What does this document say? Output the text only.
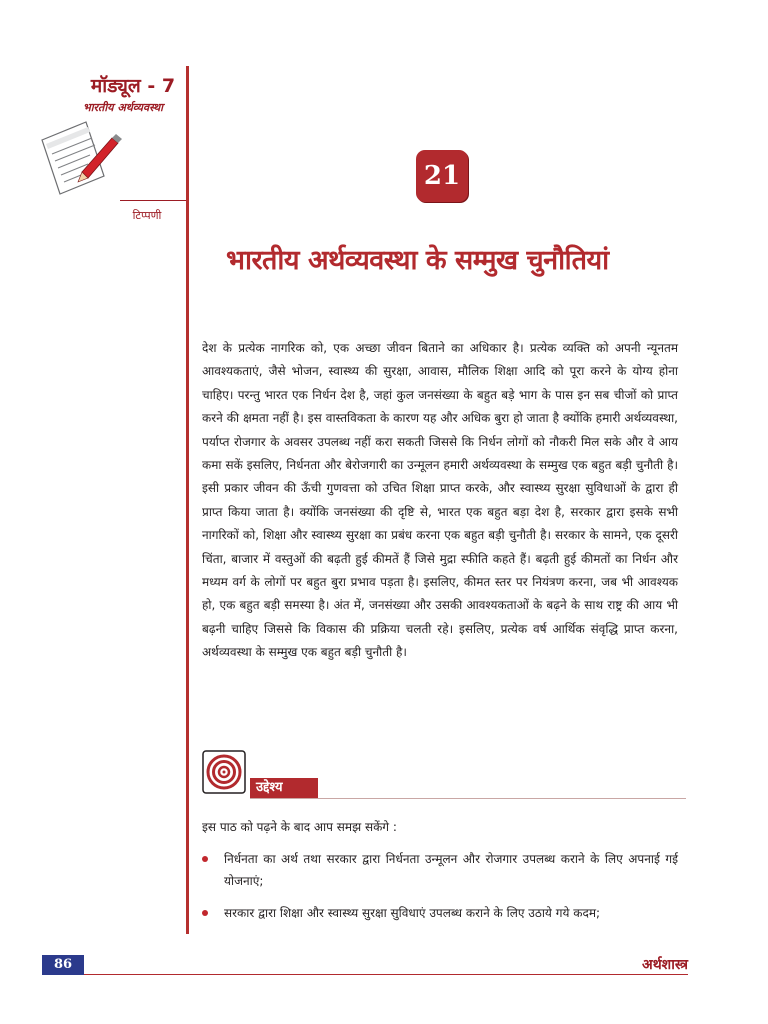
मॉड्यूल - 7
भारतीय अर्थव्यवस्था
टिप्पणी
21
भारतीय अर्थव्यवस्था के सम्मुख चुनौतियां

देश के प्रत्येक नागरिक को, एक अच्छा जीवन बिताने का अधिकार है। प्रत्येक व्यक्ति को अपनी न्यूनतम आवश्यकताएं, जैसे भोजन, स्वास्थ्य की सुरक्षा, आवास, मौलिक शिक्षा आदि को पूरा करने के योग्य होना चाहिए। परन्तु भारत एक निर्धन देश है, जहां कुल जनसंख्या के बहुत बड़े भाग के पास इन सब चीजों को प्राप्त करने की क्षमता नहीं है। इस वास्तविकता के कारण यह और अधिक बुरा हो जाता है क्योंकि हमारी अर्थव्यवस्था, पर्याप्त रोजगार के अवसर उपलब्ध नहीं करा सकती जिससे कि निर्धन लोगों को नौकरी मिल सके और वे आय कमा सकें इसलिए, निर्धनता और बेरोजगारी का उन्मूलन हमारी अर्थव्यवस्था के सम्मुख एक बहुत बड़ी चुनौती है। इसी प्रकार जीवन की ऊँची गुणवत्ता को उचित शिक्षा प्राप्त करके, और स्वास्थ्य सुरक्षा सुविधाओं के द्वारा ही प्राप्त किया जाता है। क्योंकि जनसंख्या की दृष्टि से, भारत एक बहुत बड़ा देश है, सरकार द्वारा इसके सभी नागरिकों को, शिक्षा और स्वास्थ्य सुरक्षा का प्रबंध करना एक बहुत बड़ी चुनौती है। सरकार के सामने, एक दूसरी चिंता, बाजार में वस्तुओं की बढ़ती हुई कीमतें हैं जिसे मुद्रा स्फीति कहते हैं। बढ़ती हुई कीमतों का निर्धन और मध्यम वर्ग के लोगों पर बहुत बुरा प्रभाव पड़ता है। इसलिए, कीमत स्तर पर नियंत्रण करना, जब भी आवश्यक हो, एक बहुत बड़ी समस्या है। अंत में, जनसंख्या और उसकी आवश्यकताओं के बढ़ने के साथ राष्ट्र की आय भी बढ़नी चाहिए जिससे कि विकास की प्रक्रिया चलती रहे। इसलिए, प्रत्येक वर्ष आर्थिक संवृद्धि प्राप्त करना, अर्थव्यवस्था के सम्मुख एक बहुत बड़ी चुनौती है।

उद्देश्य
इस पाठ को पढ़ने के बाद आप समझ सकेंगे :
निर्धनता का अर्थ तथा सरकार द्वारा निर्धनता उन्मूलन और रोजगार उपलब्ध कराने के लिए अपनाई गई योजनाएं;
सरकार द्वारा शिक्षा और स्वास्थ्य सुरक्षा सुविधाएं उपलब्ध कराने के लिए उठाये गये कदम;
86	अर्थशास्त्र
